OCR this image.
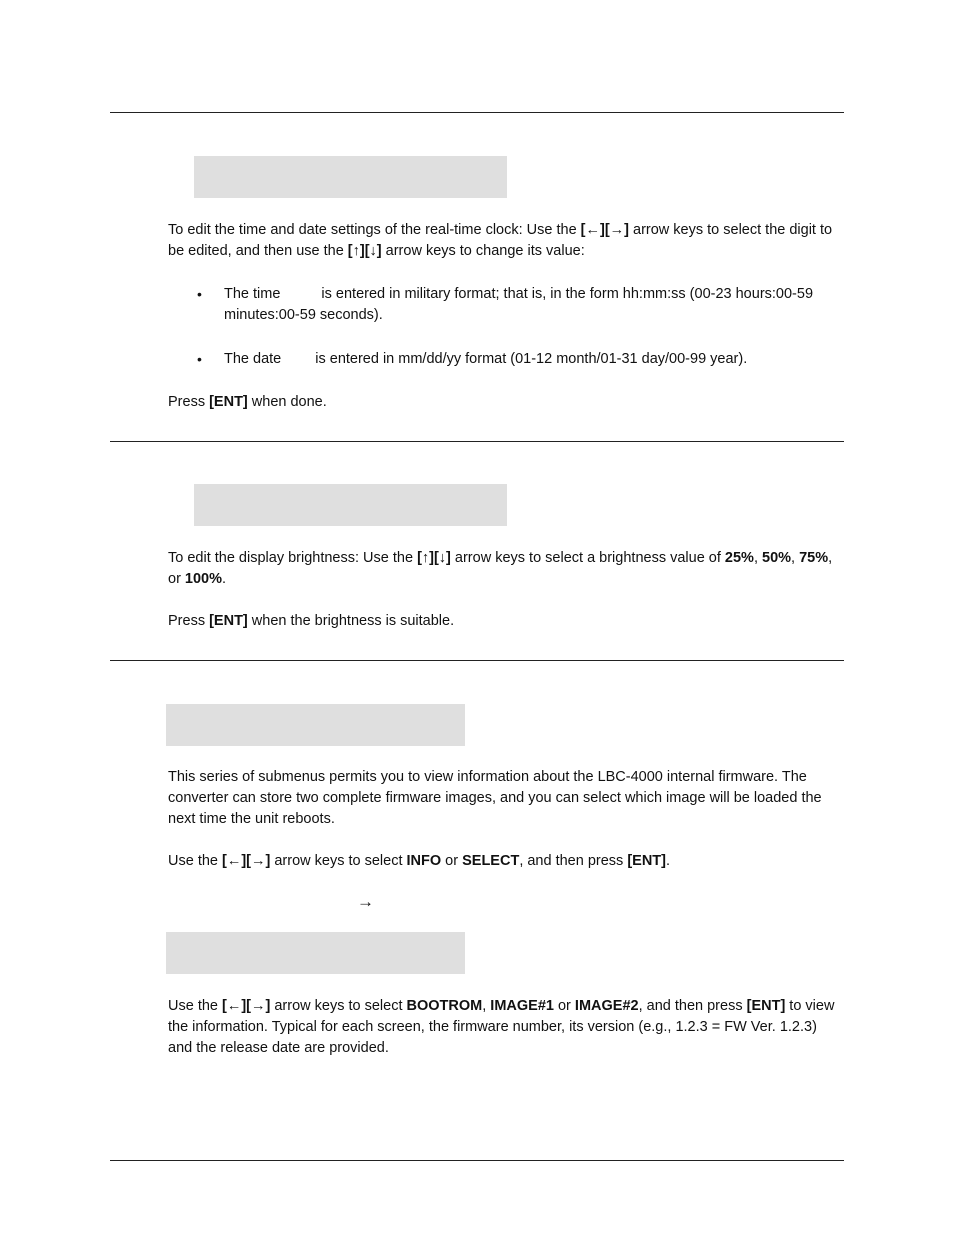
To edit the time and date settings of the real-time clock: Use the [←][→] arrow keys to select the digit to be edited, and then use the [↑][↓] arrow keys to change its value:

• The time	is entered in military format; that is, in the form hh:mm:ss (00-23 hours:00-59 minutes:00-59 seconds).

• The date is entered in mm/dd/yy format (01-12 month/01-31 day/00-99 year).

Press [ENT] when done.

To edit the display brightness: Use the [↑][↓] arrow keys to select a brightness value of 25%, 50%, 75%, or 100%.

Press [ENT] when the brightness is suitable.

This series of submenus permits you to view information about the LBC-4000 internal firmware. The converter can store two complete firmware images, and you can select which image will be loaded the next time the unit reboots.

Use the [←][→] arrow keys to select INFO or SELECT, and then press [ENT].

→

Use the [←][→] arrow keys to select BOOTROM, IMAGE#1 or IMAGE#2, and then press [ENT] to view the information. Typical for each screen, the firmware number, its version (e.g., 1.2.3 = FW Ver. 1.2.3) and the release date are provided.
